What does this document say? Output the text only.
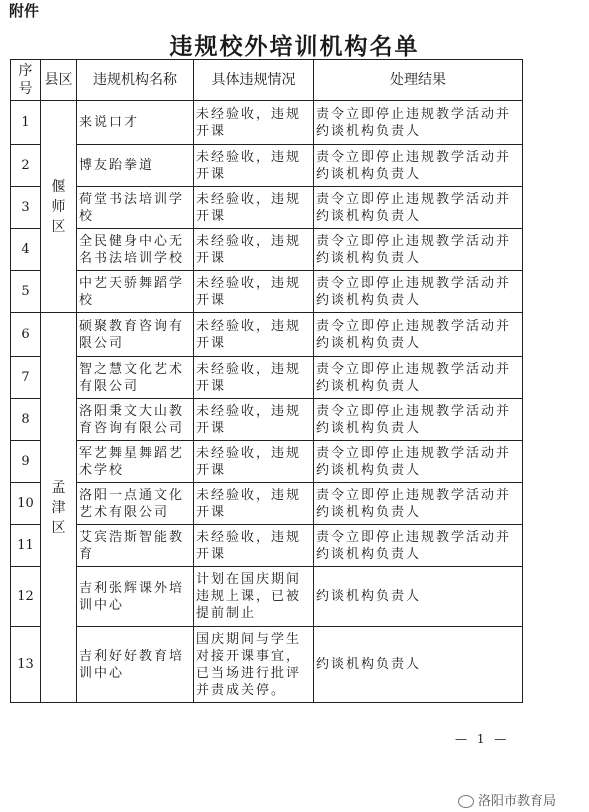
附件
违规校外培训机构名单
序号	县区	违规机构名称	具体违规情况	处理结果
1	偃师区	来说口才	未经验收，违规开课	责令立即停止违规教学活动并约谈机构负责人
2		博友跆拳道	未经验收，违规开课	责令立即停止违规教学活动并约谈机构负责人
3		荷堂书法培训学校	未经验收，违规开课	责令立即停止违规教学活动并约谈机构负责人
4		全民健身中心无名书法培训学校	未经验收，违规开课	责令立即停止违规教学活动并约谈机构负责人
5		中艺天骄舞蹈学校	未经验收，违规开课	责令立即停止违规教学活动并约谈机构负责人
6	孟津区	硕聚教育咨询有限公司	未经验收，违规开课	责令立即停止违规教学活动并约谈机构负责人
7		智之慧文化艺术有限公司	未经验收，违规开课	责令立即停止违规教学活动并约谈机构负责人
8		洛阳秉文大山教育咨询有限公司	未经验收，违规开课	责令立即停止违规教学活动并约谈机构负责人
9		军艺舞星舞蹈艺术学校	未经验收，违规开课	责令立即停止违规教学活动并约谈机构负责人
10		洛阳一点通文化艺术有限公司	未经验收，违规开课	责令立即停止违规教学活动并约谈机构负责人
11		艾宾浩斯智能教育	未经验收，违规开课	责令立即停止违规教学活动并约谈机构负责人
12		吉利张辉课外培训中心	计划在国庆期间违规上课，已被提前制止	约谈机构负责人
13		吉利好好教育培训中心	国庆期间与学生对接开课事宜，已当场进行批评并责成关停。	约谈机构负责人
— 1 —
洛阳市教育局
